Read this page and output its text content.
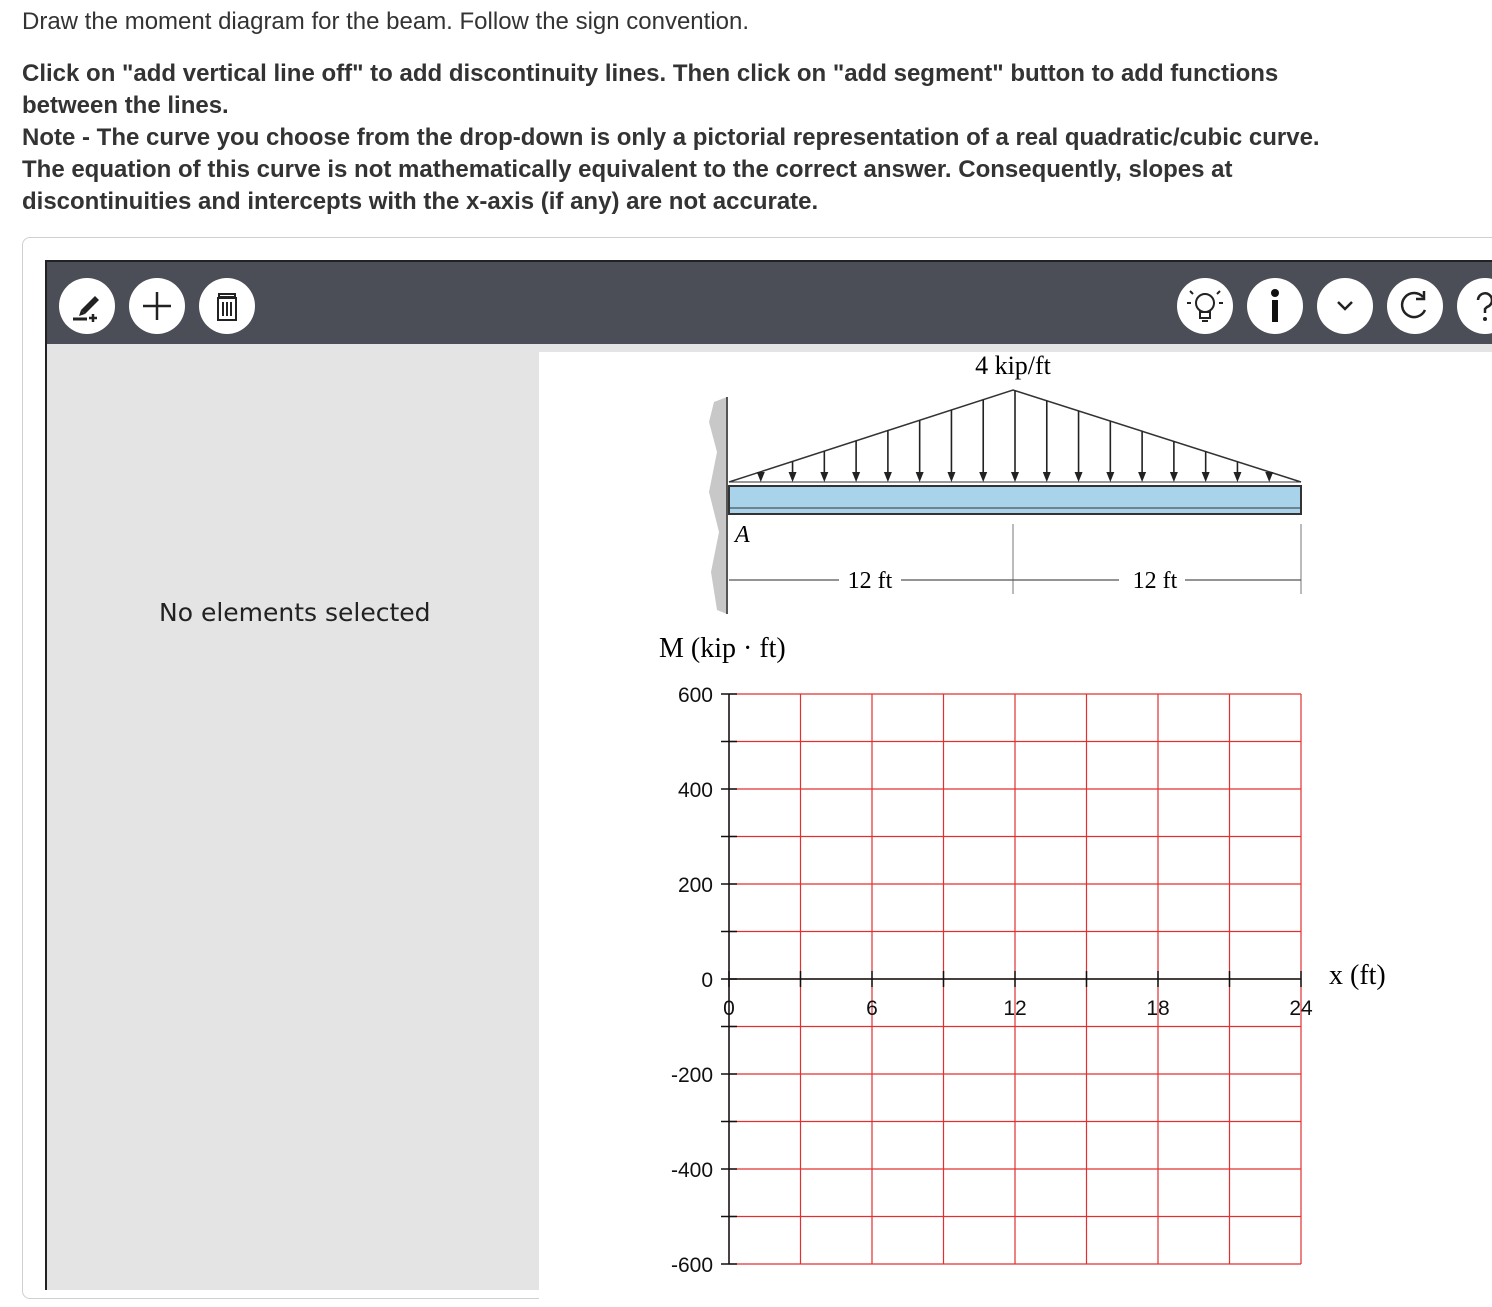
Draw the moment diagram for the beam. Follow the sign convention.

Click on "add vertical line off" to add discontinuity lines. Then click on "add segment" button to add functions between the lines.

Note - The curve you choose from the drop-down is only a pictorial representation of a real quadratic/cubic curve. The equation of this curve is not mathematically equivalent to the correct answer. Consequently, slopes at discontinuities and intercepts with the x-axis (if any) are not accurate.

No elements selected
4 kip/ft
A
12 ft	12 ft
M (kip · ft)
x (ft)
600
400
200
0
-200
-400
-600
0	6	12	18	24
